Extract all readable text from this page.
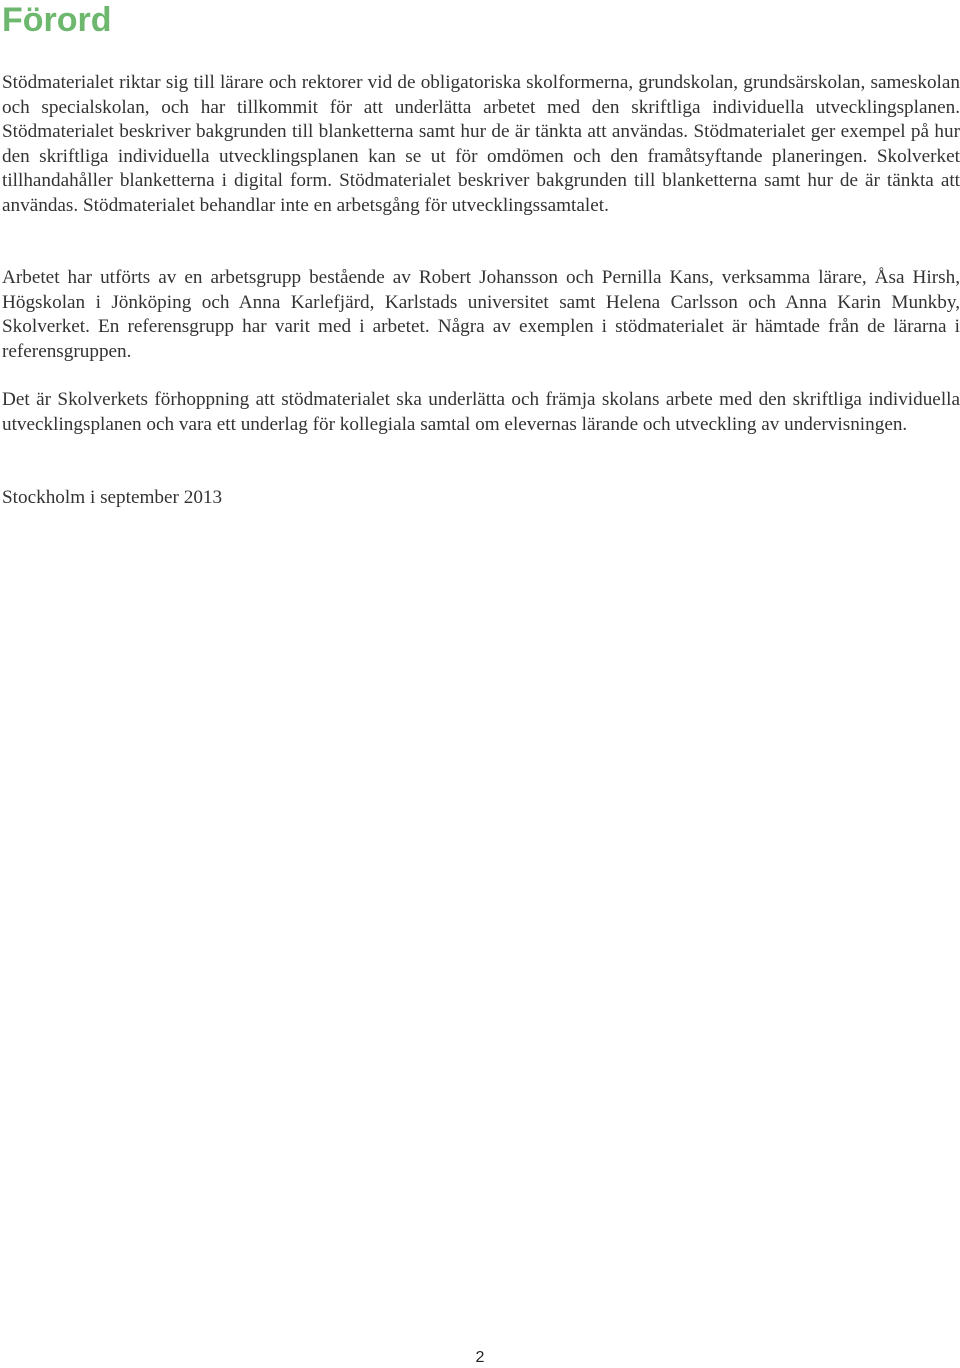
Förord

Stödmaterialet riktar sig till lärare och rektorer vid de obligatoriska skolformerna, grundskolan, grundsärskolan, sameskolan och specialskolan, och har tillkommit för att underlätta arbetet med den skriftliga individuella utvecklingsplanen. Stödmaterialet beskriver bakgrunden till blanketterna samt hur de är tänkta att användas. Stödmaterialet ger exempel på hur den skriftliga individuella utvecklingsplanen kan se ut för omdömen och den framåtsyftande planeringen. Skolverket tillhandahåller blanketterna i digital form. Stödmaterialet beskriver bakgrunden till blanketterna samt hur de är tänkta att användas. Stödmaterialet behandlar inte en arbetsgång för utvecklingssamtalet.

Arbetet har utförts av en arbetsgrupp bestående av Robert Johansson och Pernilla Kans, verksamma lärare, Åsa Hirsh, Högskolan i Jönköping och Anna Karlefjärd, Karlstads universitet samt Helena Carlsson och Anna Karin Munkby, Skolverket. En referensgrupp har varit med i arbetet. Några av exemplen i stödmaterialet är hämtade från de lärarna i referensgruppen.

Det är Skolverkets förhoppning att stödmaterialet ska underlätta och främja skolans arbete med den skriftliga individuella utvecklingsplanen och vara ett underlag för kollegiala samtal om elevernas lärande och utveckling av undervisningen.

Stockholm i september 2013

2
